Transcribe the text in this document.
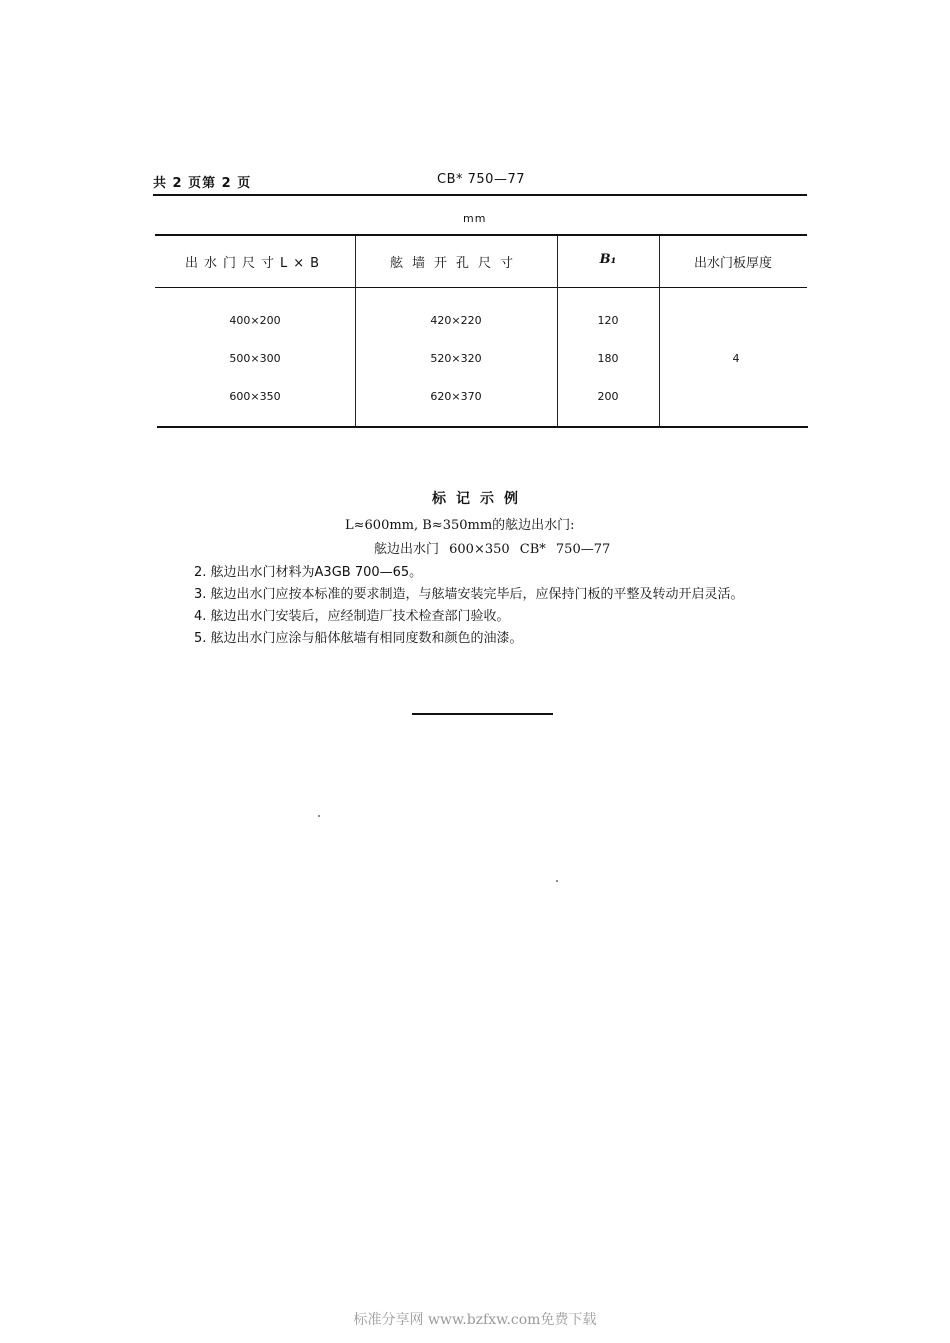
共 2 页第 2 页	CB* 750—77
mm
出水门尺寸L×B	舷墙开孔尺寸	B₁	出水门板厚度
400×200	420×220	120
500×300	520×320	180	4
600×350	620×370	200
标记示例
L≈600mm, B≈350mm的舷边出水门:
舷边出水门 600×350 CB* 750—77
2. 舷边出水门材料为A3GB 700—65。
3. 舷边出水门应按本标准的要求制造，与舷墙安装完毕后，应保持门板的平整及转动开启灵活。
4. 舷边出水门安装后，应经制造厂技术检查部门验收。
5. 舷边出水门应涂与船体舷墙有相同度数和颜色的油漆。
标准分享网 www.bzfxw.com免费下载
